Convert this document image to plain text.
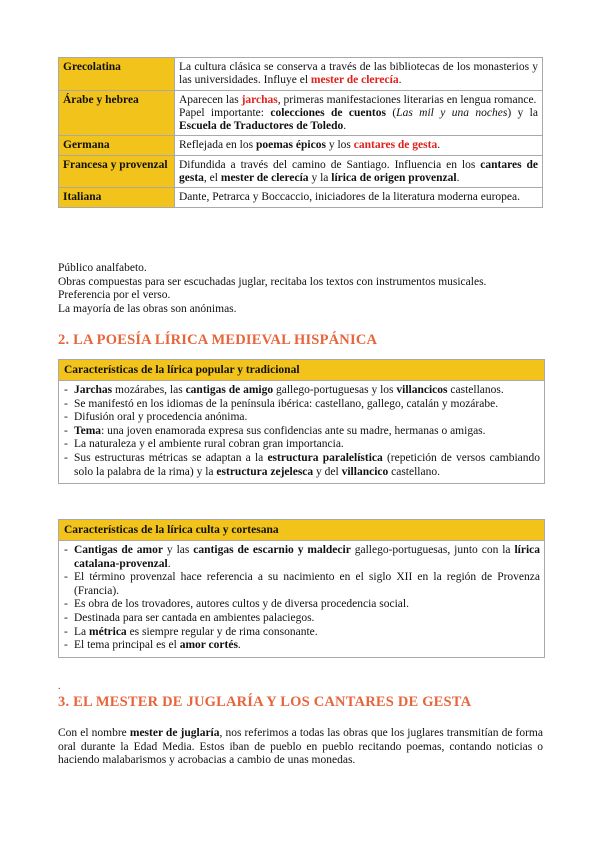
Grecolatina	La cultura clásica se conserva a través de las bibliotecas de los monasterios y las universidades. Influye el mester de clerecía.
Árabe y hebrea	Aparecen las jarchas, primeras manifestaciones literarias en lengua romance.
Papel importante: colecciones de cuentos (Las mil y una noches) y la Escuela de Traductores de Toledo.
Germana	Reflejada en los poemas épicos y los cantares de gesta.
Francesa y provenzal	Difundida a través del camino de Santiago. Influencia en los cantares de gesta, el mester de clerecía y la lírica de origen provenzal.
Italiana	Dante, Petrarca y Boccaccio, iniciadores de la literatura moderna europea.
Público analfabeto.
Obras compuestas para ser escuchadas juglar, recitaba los textos con instrumentos musicales.
Preferencia por el verso.
La mayoría de las obras son anónimas.
2. LA POESÍA LÍRICA MEDIEVAL HISPÁNICA
Características de la lírica popular y tradicional
- Jarchas mozárabes, las cantigas de amigo gallego-portuguesas y los villancicos castellanos.
- Se manifestó en los idiomas de la península ibérica: castellano, gallego, catalán y mozárabe.
- Difusión oral y procedencia anónima.
- Tema: una joven enamorada expresa sus confidencias ante su madre, hermanas o amigas.
- La naturaleza y el ambiente rural cobran gran importancia.
- Sus estructuras métricas se adaptan a la estructura paralelística (repetición de versos cambiando solo la palabra de la rima) y la estructura zejelesca y del villancico castellano.
Características de la lírica culta y cortesana
- Cantigas de amor y las cantigas de escarnio y maldecir gallego-portuguesas, junto con la lírica catalana-provenzal.
- El término provenzal hace referencia a su nacimiento en el siglo XII en la región de Provenza (Francia).
- Es obra de los trovadores, autores cultos y de diversa procedencia social.
- Destinada para ser cantada en ambientes palaciegos.
- La métrica es siempre regular y de rima consonante.
- El tema principal es el amor cortés.
.
3. EL MESTER DE JUGLARÍA Y LOS CANTARES DE GESTA
Con el nombre mester de juglaría, nos referimos a todas las obras que los juglares transmitían de forma oral durante la Edad Media. Estos iban de pueblo en pueblo recitando poemas, contando noticias o haciendo malabarismos y acrobacias a cambio de unas monedas.
